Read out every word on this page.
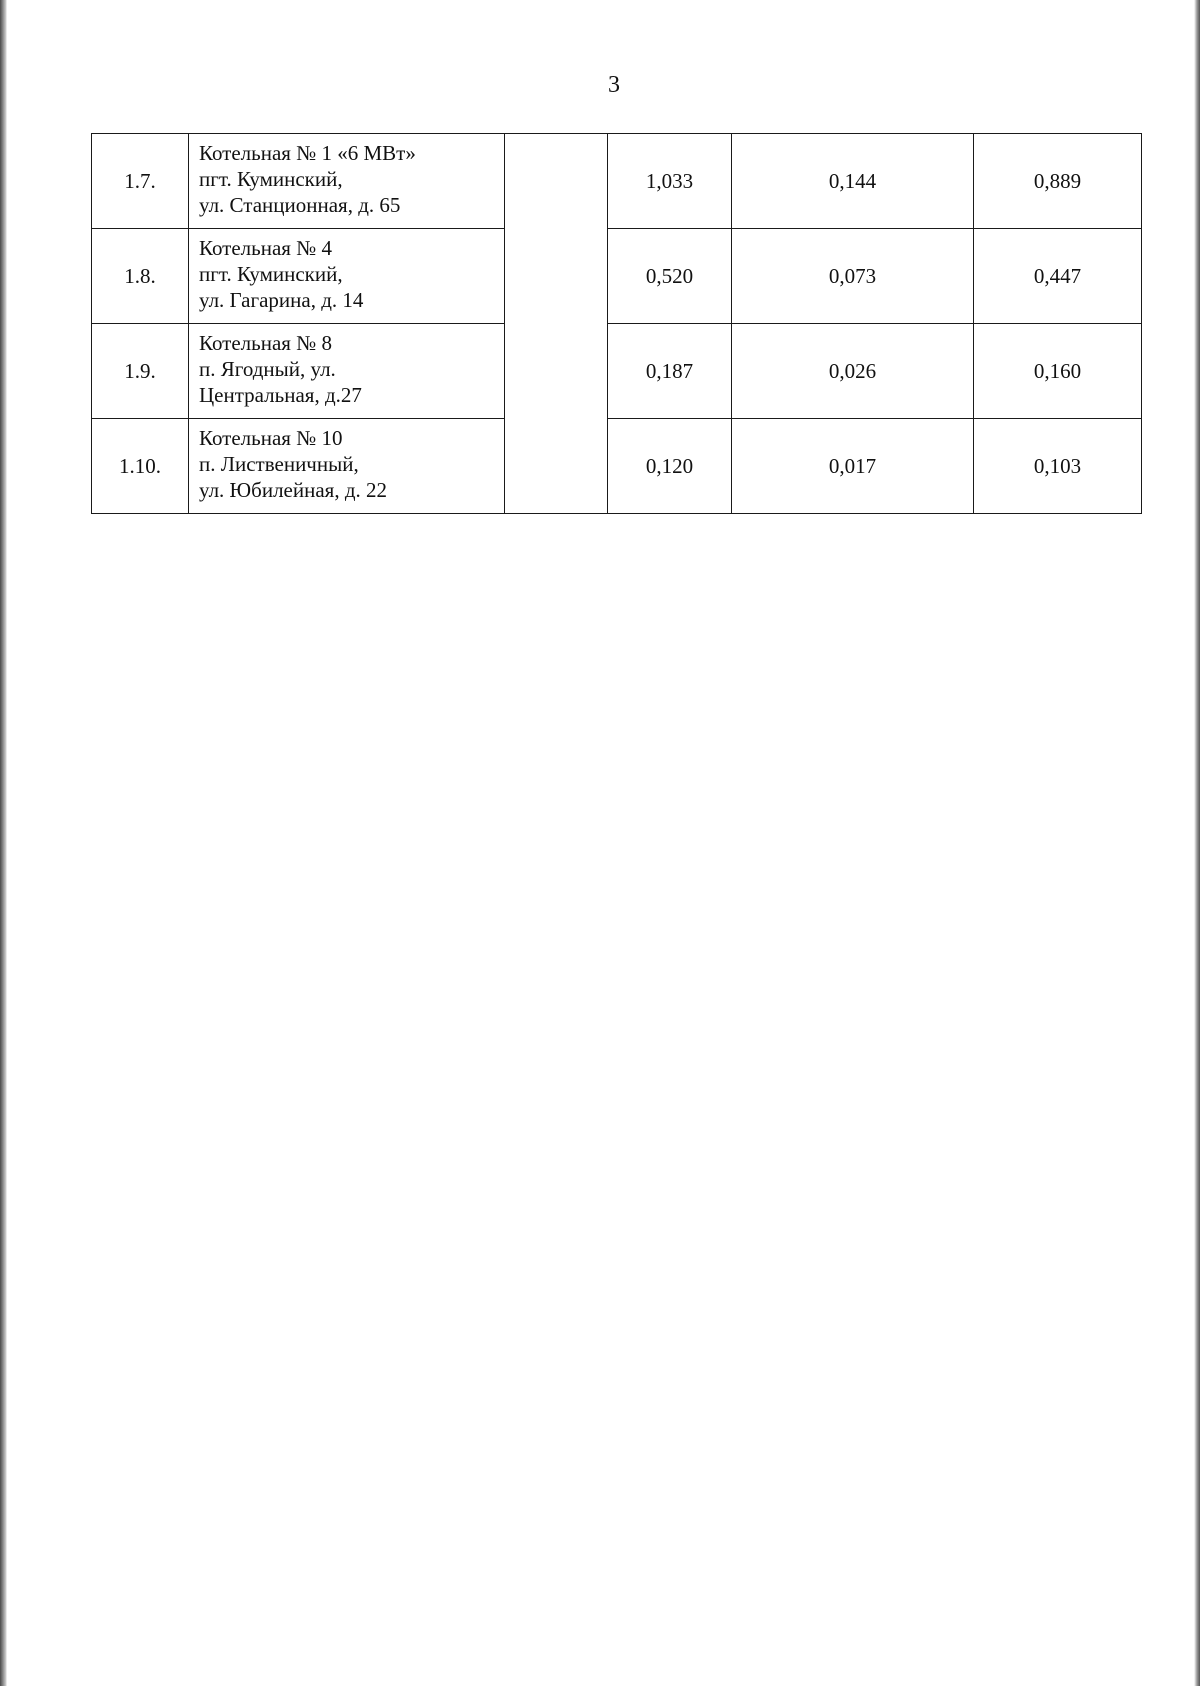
3
1.7.	Котельная № 1 «6 МВт»
пгт. Куминский,
ул. Станционная, д. 65		1,033	0,144	0,889
1.8.	Котельная № 4
пгт. Куминский,
ул. Гагарина, д. 14		0,520	0,073	0,447
1.9.	Котельная № 8
п. Ягодный, ул.
Центральная, д.27		0,187	0,026	0,160
1.10.	Котельная № 10
п. Лиственичный,
ул. Юбилейная, д. 22		0,120	0,017	0,103
